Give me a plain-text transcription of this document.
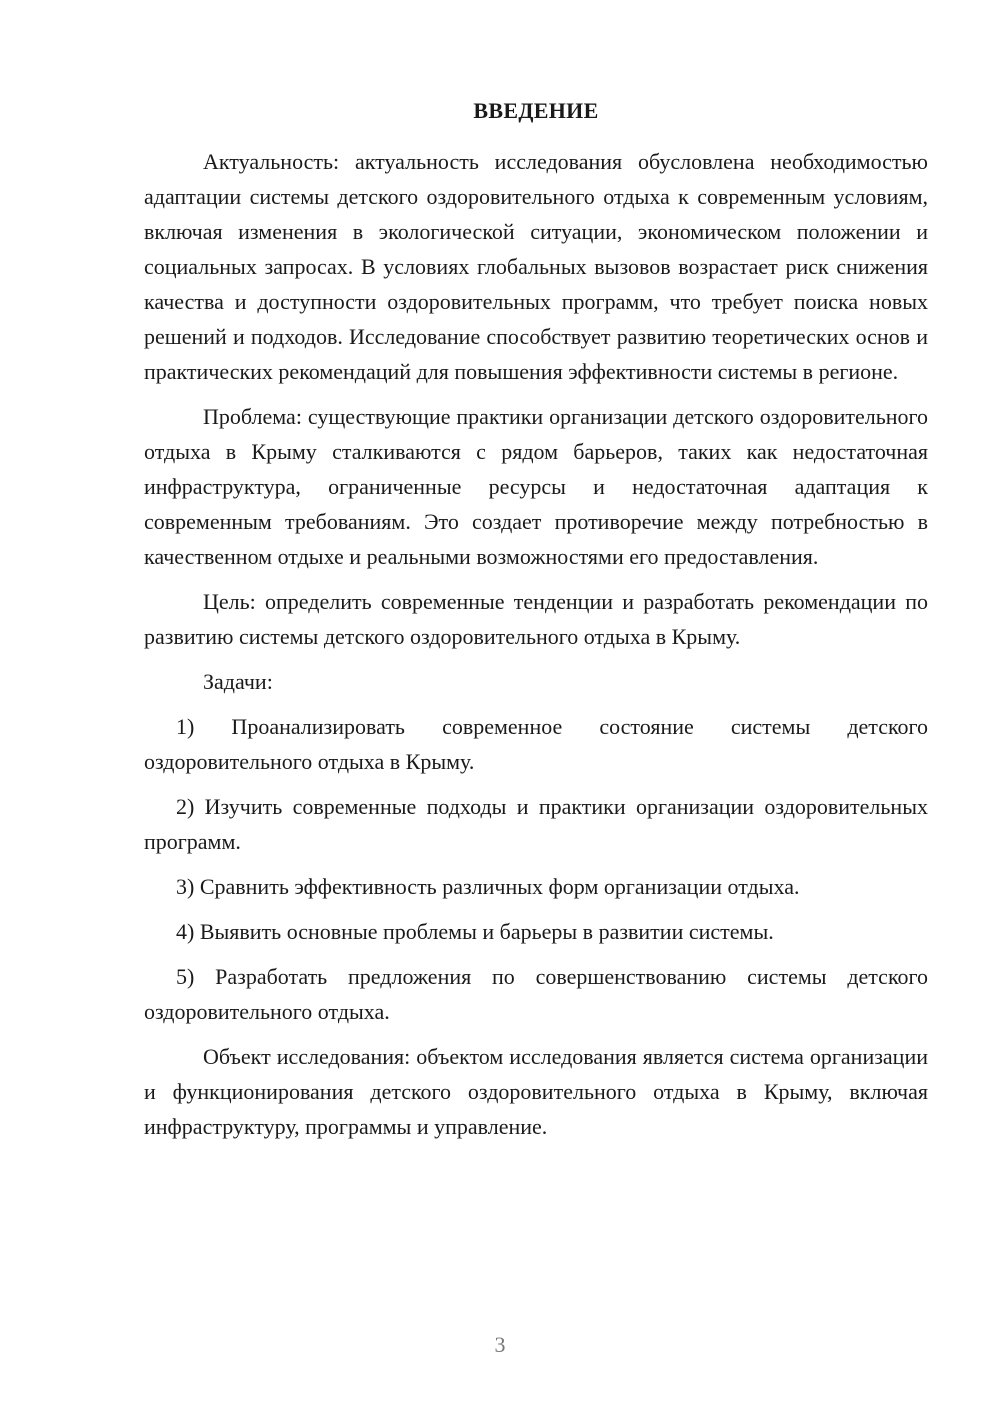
ВВЕДЕНИЕ

Актуальность: актуальность исследования обусловлена необходимостью адаптации системы детского оздоровительного отдыха к современным условиям, включая изменения в экологической ситуации, экономическом положении и социальных запросах. В условиях глобальных вызовов возрастает риск снижения качества и доступности оздоровительных программ, что требует поиска новых решений и подходов. Исследование способствует развитию теоретических основ и практических рекомендаций для повышения эффективности системы в регионе.

Проблема: существующие практики организации детского оздоровительного отдыха в Крыму сталкиваются с рядом барьеров, таких как недостаточная инфраструктура, ограниченные ресурсы и недостаточная адаптация к современным требованиям. Это создает противоречие между потребностью в качественном отдыхе и реальными возможностями его предоставления.

Цель: определить современные тенденции и разработать рекомендации по развитию системы детского оздоровительного отдыха в Крыму.

Задачи:

1) Проанализировать современное состояние системы детского оздоровительного отдыха в Крыму.

2) Изучить современные подходы и практики организации оздоровительных программ.

3) Сравнить эффективность различных форм организации отдыха.

4) Выявить основные проблемы и барьеры в развитии системы.

5) Разработать предложения по совершенствованию системы детского оздоровительного отдыха.

Объект исследования: объектом исследования является система организации и функционирования детского оздоровительного отдыха в Крыму, включая инфраструктуру, программы и управление.

3
